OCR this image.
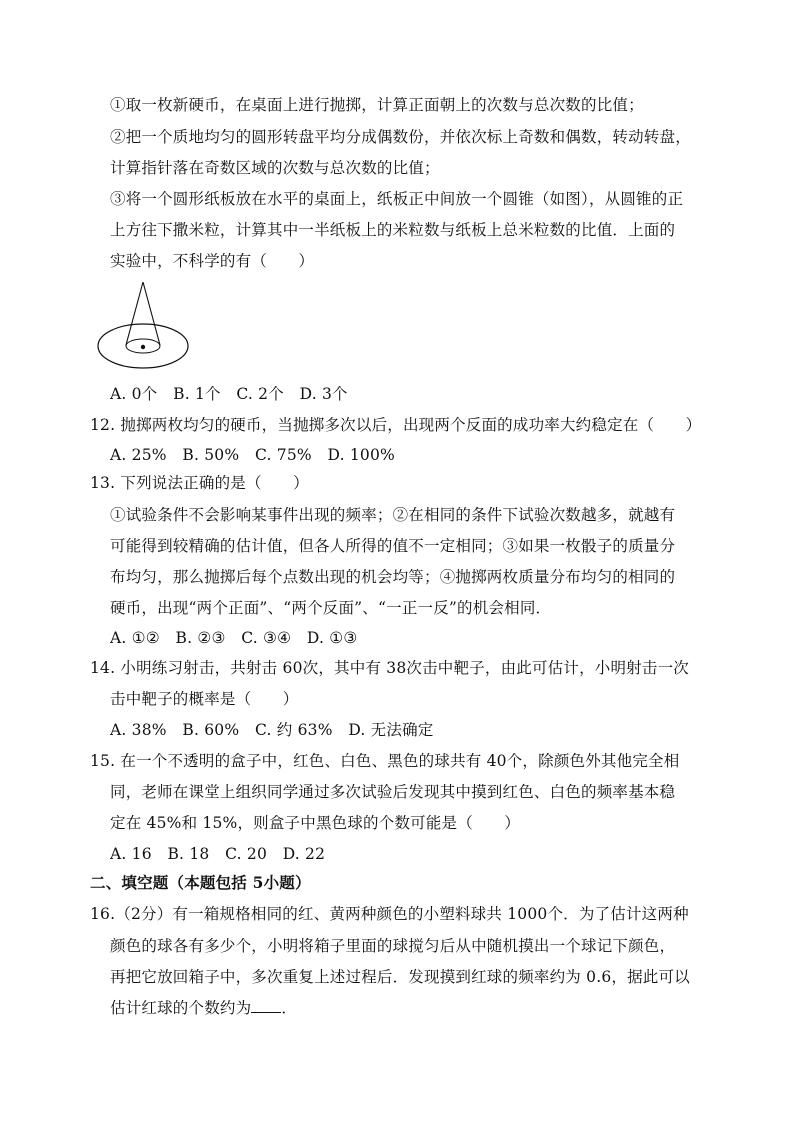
①取一枚新硬币，在桌面上进行抛掷，计算正面朝上的次数与总次数的比值；
②把一个质地均匀的圆形转盘平均分成偶数份，并依次标上奇数和偶数，转动转盘，
计算指针落在奇数区域的次数与总次数的比值；
③将一个圆形纸板放在水平的桌面上，纸板正中间放一个圆锥（如图），从圆锥的正
上方往下撒米粒，计算其中一半纸板上的米粒数与纸板上总米粒数的比值．上面的
实验中，不科学的有（　　）
A. 0个　B. 1个　C. 2个　D. 3个
12. 抛掷两枚均匀的硬币，当抛掷多次以后，出现两个反面的成功率大约稳定在（　　）
A. 25%　B. 50%　C. 75%　D. 100%
13. 下列说法正确的是（　　）
①试验条件不会影响某事件出现的频率；②在相同的条件下试验次数越多，就越有
可能得到较精确的估计值，但各人所得的值不一定相同；③如果一枚骰子的质量分
布均匀，那么抛掷后每个点数出现的机会均等；④抛掷两枚质量分布均匀的相同的
硬币，出现“两个正面”、“两个反面”、“一正一反”的机会相同．
A. ①②　B. ②③　C. ③④　D. ①③
14. 小明练习射击，共射击 60次，其中有 38次击中靶子，由此可估计，小明射击一次
击中靶子的概率是（　　）
A. 38%　B. 60%　C. 约 63%　D. 无法确定
15. 在一个不透明的盒子中，红色、白色、黑色的球共有 40个，除颜色外其他完全相
同，老师在课堂上组织同学通过多次试验后发现其中摸到红色、白色的频率基本稳
定在 45%和 15%，则盒子中黑色球的个数可能是（　　）
A. 16　B. 18　C. 20　D. 22
二、填空题（本题包括 5小题）
16.（2分）有一箱规格相同的红、黄两种颜色的小塑料球共 1000个．为了估计这两种
颜色的球各有多少个，小明将箱子里面的球搅匀后从中随机摸出一个球记下颜色，
再把它放回箱子中，多次重复上述过程后．发现摸到红球的频率约为 0.6，据此可以
估计红球的个数约为 ．
